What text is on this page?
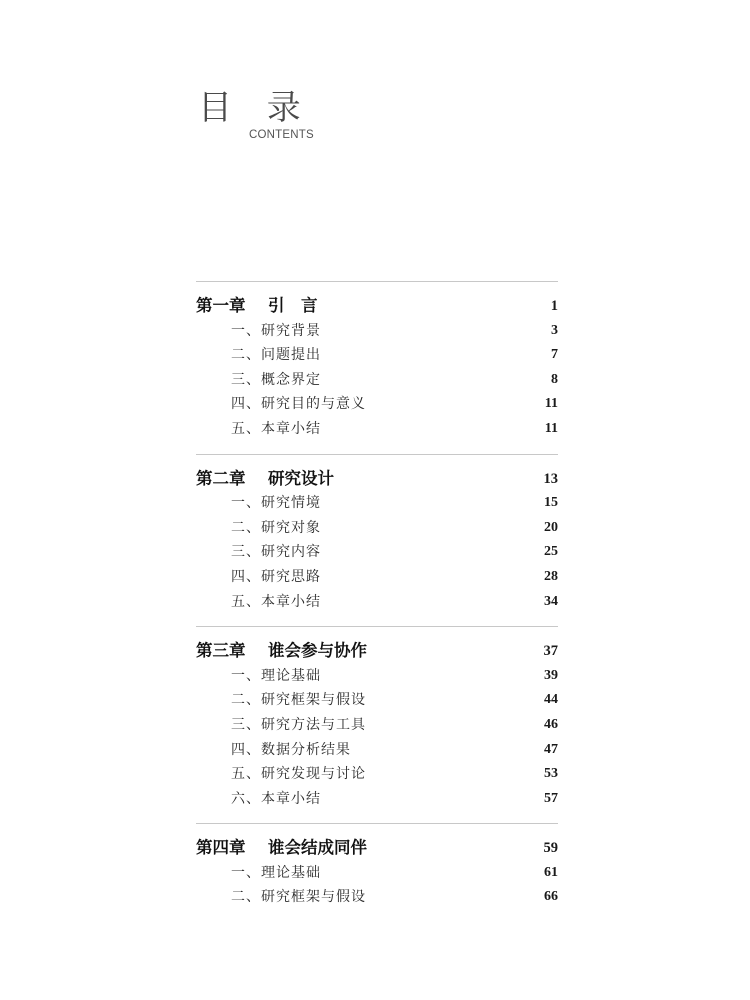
目 录
CONTENTS
第一章 引　言	1
一、研究背景	3
二、问题提出	7
三、概念界定	8
四、研究目的与意义	11
五、本章小结	11
第二章 研究设计	13
一、研究情境	15
二、研究对象	20
三、研究内容	25
四、研究思路	28
五、本章小结	34
第三章 谁会参与协作	37
一、理论基础	39
二、研究框架与假设	44
三、研究方法与工具	46
四、数据分析结果	47
五、研究发现与讨论	53
六、本章小结	57
第四章 谁会结成同伴	59
一、理论基础	61
二、研究框架与假设	66
